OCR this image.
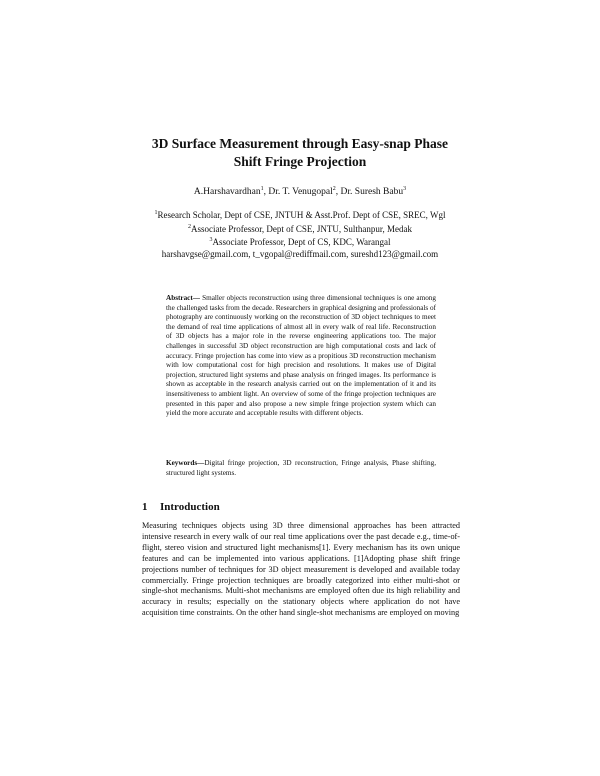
3D Surface Measurement through Easy-snap Phase
Shift Fringe Projection
A.Harshavardhan$^1$, Dr. T. Venugopal$^2$, Dr. Suresh Babu$^3$
$^1$Research Scholar, Dept of CSE, JNTUH & Asst.Prof. Dept of CSE, SREC, Wgl
$^2$Associate Professor, Dept of CSE, JNTU, Sulthanpur, Medak
$^3$Associate Professor, Dept of CS, KDC, Warangal
harshavgse@gmail.com, t_vgopal@rediffmail.com, sureshd123@gmail.com
Abstract— Smaller objects reconstruction using three dimensional techniques is one among the challenged tasks from the decade. Researchers in graphical designing and professionals of photography are continuously working on the reconstruction of 3D object techniques to meet the demand of real time applications of almost all in every walk of real life. Reconstruction of 3D objects has a major role in the reverse engineering applications too. The major challenges in successful 3D object reconstruction are high computational costs and lack of accuracy. Fringe projection has come into view as a propitious 3D reconstruction mechanism with low computational cost for high precision and resolutions. It makes use of Digital projection, structured light systems and phase analysis on fringed images. Its performance is shown as acceptable in the research analysis carried out on the implementation of it and its insensitiveness to ambient light. An overview of some of the fringe projection techniques are presented in this paper and also propose a new simple fringe projection system which can yield the more accurate and acceptable results with different objects.
Keywords—Digital fringe projection, 3D reconstruction, Fringe analysis, Phase shifting, structured light systems.
1 Introduction
Measuring techniques objects using 3D three dimensional approaches has been attracted intensive research in every walk of our real time applications over the past decade e.g., time-of-flight, stereo vision and structured light mechanisms[1]. Every mechanism has its own unique features and can be implemented into various applications. [1]Adopting phase shift fringe projections number of techniques for 3D object measurement is developed and available today commercially. Fringe projection techniques are broadly categorized into either multi-shot or single-shot mechanisms. Multi-shot mechanisms are employed often due its high reliability and accuracy in results; especially on the stationary objects where application do not have acquisition time constraints. On the other hand single-shot mechanisms are employed on moving
